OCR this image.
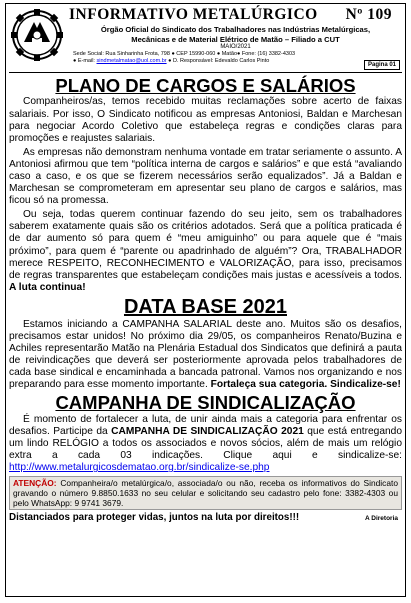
INFORMATIVO METALÚRGICO Nº 109
Órgão Oficial do Sindicato dos Trabalhadores nas Indústrias Metalúrgicas,
Mecânicas e de Material Elétrico de Matão – Filiado a CUT
MAIO/2021
Sede Social: Rua Sinharinha Frota, 798 ● CEP 15990-060 ● Matão● Fone: (16) 3382-4303
● E-mail: sindmetalmatao@uol.com.br ● D. Responsável: Edevaldo Carlos Pinto
Pagina 01
PLANO DE CARGOS E SALÁRIOS

Companheiros/as, temos recebido muitas reclamações sobre acerto de faixas salariais. Por isso, O Sindicato notificou as empresas Antoniosi, Baldan e Marchesan para negociar Acordo Coletivo que estabeleça regras e condições claras para promoções e reajustes salariais.

As empresas não demonstram nenhuma vontade em tratar seriamente o assunto. A Antoniosi afirmou que tem “política interna de cargos e salários” e que está “avaliando caso a caso, e os que se fizerem necessários serão equalizados”. Já a Baldan e Marchesan se comprometeram em apresentar seu plano de cargos e salários, mas ficou só na promessa.

Ou seja, todas querem continuar fazendo do seu jeito, sem os trabalhadores saberem exatamente quais são os critérios adotados. Será que a política praticada é de dar aumento só para quem é “meu amiguinho” ou para aquele que é “mais próximo”, para quem é “parente ou apadrinhado de alguém”? Ora, TRABALHADOR merece RESPEITO, RECONHECIMENTO e VALORIZAÇÃO, para isso, precisamos de regras transparentes que estabeleçam condições mais justas e acessíveis a todos. A luta continua!

DATA BASE 2021

Estamos iniciando a CAMPANHA SALARIAL deste ano. Muitos são os desafios, precisamos estar unidos! No próximo dia 29/05, os companheiros Renato/Buzina e Achiles representarão Matão na Plenária Estadual dos Sindicatos que definirá a pauta de reivindicações que deverá ser posteriormente aprovada pelos trabalhadores de cada base sindical e encaminhada a bancada patronal. Vamos nos organizando e nos preparando para esse momento importante. Fortaleça sua categoria. Sindicalize-se!

CAMPANHA DE SINDICALIZAÇÃO

É momento de fortalecer a luta, de unir ainda mais a categoria para enfrentar os desafios. Participe da CAMPANHA DE SINDICALIZAÇÃO 2021 que está entregando um lindo RELÓGIO a todos os associados e novos sócios, além de mais um relógio extra a cada 03 indicações. Clique aqui e sindicalize-se: http://www.metalurgicosdematao.org.br/sindicalize-se.php

ATENÇÃO: Companheira/o metalúrgica/o, associada/o ou não, receba os informativos do Sindicato gravando o número 9.8850.1633 no seu celular e solicitando seu cadastro pelo fone: 3382-4303 ou pelo WhatsApp: 9 9741 3679.
Distanciados para proteger vidas, juntos na luta por direitos!!!	A Diretoria
